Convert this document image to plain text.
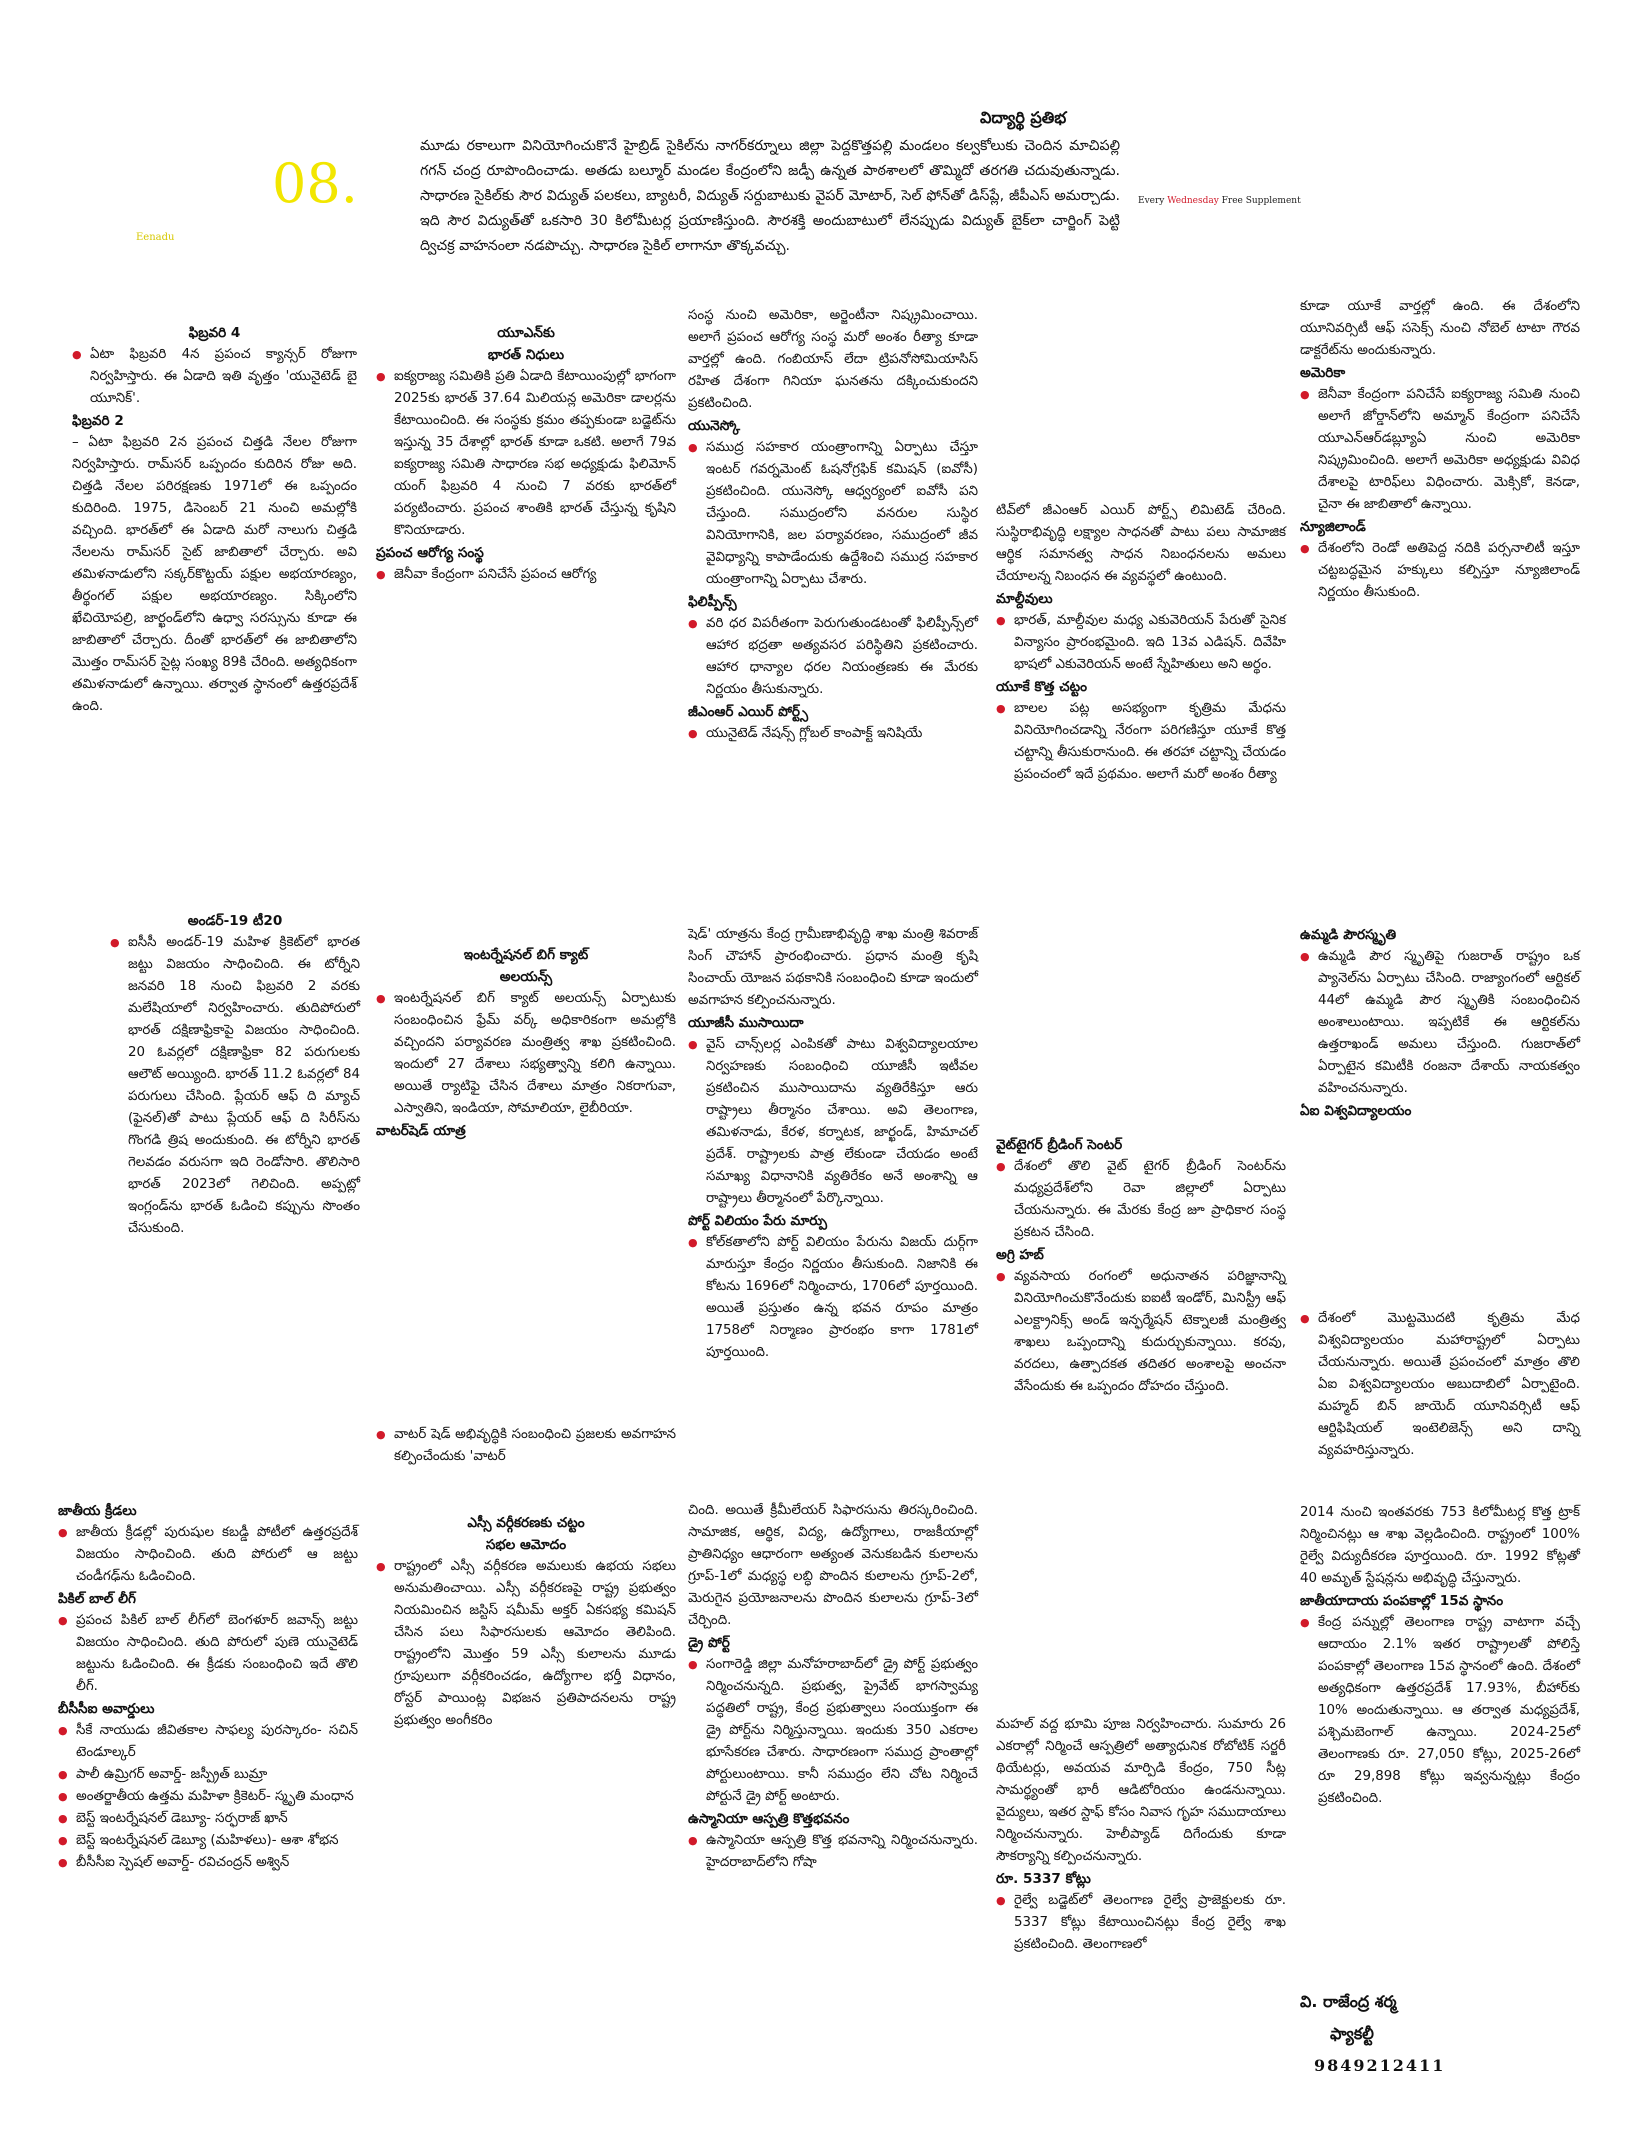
08.
Eenadu
విద్యార్థి ప్రతిభ
మూడు రకాలుగా వినియోగించుకొనే హైబ్రిడ్ సైకిల్‌ను నాగర్‌కర్నూలు జిల్లా పెద్దకొత్తపల్లి మండలం కల్వకోలుకు చెందిన మాచిపల్లి గగన్ చంద్ర రూపొందించాడు. అతడు బల్మూర్ మండల కేంద్రంలోని జడ్పీ ఉన్నత పాఠశాలలో తొమ్మిదో తరగతి చదువుతున్నాడు. సాధారణ సైకిల్‌కు సౌర విద్యుత్ పలకలు, బ్యాటరీ, విద్యుత్ సర్దుబాటుకు వైపర్ మోటార్, సెల్ ఫోన్‌తో డిస్‌ప్లే, జీపీఎస్ అమర్చాడు. ఇది సౌర విద్యుత్‌తో ఒకసారి 30 కిలోమీటర్ల ప్రయాణిస్తుంది. సౌరశక్తి అందుబాటులో లేనప్పుడు విద్యుత్ బైక్‌లా చార్జింగ్ పెట్టి ద్విచక్ర వాహనంలా నడపొచ్చు. సాధారణ సైకిల్ లాగానూ తొక్కవచ్చు.
Every Wednesday Free Supplement
ఫిబ్రవరి 4

● ఏటా ఫిబ్రవరి 4న ప్రపంచ క్యాన్సర్ రోజుగా నిర్వహిస్తారు. ఈ ఏడాది ఇతి వృత్తం 'యునైటెడ్ బై యూనిక్'.

ఫిబ్రవరి 2

– ఏటా ఫిబ్రవరి 2న ప్రపంచ చిత్తడి నేలల రోజుగా నిర్వహిస్తారు. రామ్‌సర్ ఒప్పందం కుదిరిన రోజు అది. చిత్తడి నేలల పరిరక్షణకు 1971లో ఈ ఒప్పందం కుదిరింది. 1975, డిసెంబర్ 21 నుంచి అమల్లోకి వచ్చింది. భారత్‌లో ఈ ఏడాది మరో నాలుగు చిత్తడి నేలలను రామ్‌సర్ సైట్ జాబితాలో చేర్చారు. అవి తమిళనాడులోని సక్కర్‌కొట్టయ్ పక్షుల అభయారణ్యం, తీర్థంగల్ పక్షుల అభయారణ్యం. సిక్కింలోని ఖేచియోపల్రి, జార్ఖండ్‌లోని ఉధ్వా సరస్సును కూడా ఈ జాబితాలో చేర్చారు. దీంతో భారత్‌లో ఈ జాబితాలోని మొత్తం రామ్‌సర్ సైట్ల సంఖ్య 89కి చేరింది. అత్యధికంగా తమిళనాడులో ఉన్నాయి. తర్వాత స్థానంలో ఉత్తరప్రదేశ్ ఉంది.

యూఎన్‌కు
భారత్ నిధులు

● ఐక్యరాజ్య సమితికి ప్రతి ఏడాది కేటాయింపుల్లో భాగంగా 2025కు భారత్ 37.64 మిలియన్ల అమెరికా డాలర్లను కేటాయించింది. ఈ సంస్థకు క్రమం తప్పకుండా బడ్జెట్‌ను ఇస్తున్న 35 దేశాల్లో భారత్ కూడా ఒకటి. అలాగే 79వ ఐక్యరాజ్య సమితి సాధారణ సభ అధ్యక్షుడు ఫిలిమోన్ యంగ్ ఫిబ్రవరి 4 నుంచి 7 వరకు భారత్‌లో పర్యటించారు. ప్రపంచ శాంతికి భారత్ చేస్తున్న కృషిని కొనియాడారు.

ప్రపంచ ఆరోగ్య సంస్థ

● జెనీవా కేంద్రంగా పనిచేసే ప్రపంచ ఆరోగ్య

సంస్థ నుంచి అమెరికా, అర్జెంటీనా నిష్క్రమించాయి. అలాగే ప్రపంచ ఆరోగ్య సంస్థ మరో అంశం రీత్యా కూడా వార్తల్లో ఉంది. గంబియాస్ లేదా ట్రిపనోసోమియాసిస్ రహిత దేశంగా గినియా ఘనతను దక్కించుకుందని ప్రకటించింది.

యునెస్కో

● సముద్ర సహకార యంత్రాంగాన్ని ఏర్పాటు చేస్తూ ఇంటర్ గవర్నమెంట్ ఓషనోగ్రఫిక్ కమిషన్ (ఐవోసీ) ప్రకటించింది. యునెస్కో ఆధ్వర్యంలో ఐవోసీ పని చేస్తుంది. సముద్రంలోని వనరుల సుస్థిర వినియోగానికి, జల పర్యావరణం, సముద్రంలో జీవ వైవిధ్యాన్ని కాపాడేందుకు ఉద్దేశించి సముద్ర సహకార యంత్రాంగాన్ని ఏర్పాటు చేశారు.

ఫిలిప్పీన్స్

● వరి ధర విపరీతంగా పెరుగుతుండటంతో ఫిలిప్పీన్స్‌లో ఆహార భద్రతా అత్యవసర పరిస్థితిని ప్రకటించారు. ఆహార ధాన్యాల ధరల నియంత్రణకు ఈ మేరకు నిర్ణయం తీసుకున్నారు.

జీఎంఆర్ ఎయిర్ పోర్ట్స్

● యునైటెడ్ నేషన్స్ గ్లోబల్ కాంపాక్ట్ ఇనిషియే

టివ్‌లో జీఎంఆర్ ఎయిర్ పోర్ట్స్ లిమిటెడ్ చేరింది. సుస్థిరాభివృద్ధి లక్ష్యాల సాధనతో పాటు పలు సామాజిక ఆర్థిక సమానత్వ సాధన నిబంధనలను అమలు చేయాలన్న నిబంధన ఈ వ్యవస్థలో ఉంటుంది.

మాల్దీవులు

● భారత్, మాల్దీవుల మధ్య ఎకువెరియన్ పేరుతో సైనిక విన్యాసం ప్రారంభమైంది. ఇది 13వ ఎడిషన్. దివేహి భాషలో ఎకువెరియన్ అంటే స్నేహితులు అని అర్థం.

యూకే కొత్త చట్టం

● బాలల పట్ల అసభ్యంగా కృత్రిమ మేధను వినియోగించడాన్ని నేరంగా పరిగణిస్తూ యూకే కొత్త చట్టాన్ని తీసుకురానుంది. ఈ తరహా చట్టాన్ని చేయడం ప్రపంచంలో ఇదే ప్రథమం. అలాగే మరో అంశం రీత్యా

కూడా యూకే వార్తల్లో ఉంది. ఈ దేశంలోని యూనివర్సిటీ ఆఫ్ ససెక్స్ నుంచి నోబెల్ టాటా గౌరవ డాక్టరేట్‌ను అందుకున్నారు.

అమెరికా

● జెనీవా కేంద్రంగా పనిచేసే ఐక్యరాజ్య సమితి నుంచి అలాగే జోర్డాన్‌లోని అమ్మాన్ కేంద్రంగా పనిచేసే యూఎన్ఆర్‌డబ్ల్యూఏ నుంచి అమెరికా నిష్క్రమించింది. అలాగే అమెరికా అధ్యక్షుడు వివిధ దేశాలపై టారిఫ్‌లు విధించారు. మెక్సికో, కెనడా, చైనా ఈ జాబితాలో ఉన్నాయి.

న్యూజిలాండ్

● దేశంలోని రెండో అతిపెద్ద నదికి పర్సనాలిటీ ఇస్తూ చట్టబద్ధమైన హక్కులు కల్పిస్తూ న్యూజిలాండ్ నిర్ణయం తీసుకుంది.

అండర్-19 టీ20

● ఐసీసీ అండర్-19 మహిళ క్రికెట్‌లో భారత జట్టు విజయం సాధించింది. ఈ టోర్నీని జనవరి 18 నుంచి ఫిబ్రవరి 2 వరకు మలేషియాలో నిర్వహించారు. తుదిపోరులో భారత్ దక్షిణాఫ్రికాపై విజయం సాధించింది. 20 ఓవర్లలో దక్షిణాఫ్రికా 82 పరుగులకు ఆలౌట్ అయ్యింది. భారత్ 11.2 ఓవర్లలో 84 పరుగులు చేసింది. ప్లేయర్ ఆఫ్ ది మ్యాచ్ (ఫైనల్)తో పాటు ప్లేయర్ ఆఫ్ ది సిరీస్‌ను గొంగడి త్రిష అందుకుంది. ఈ టోర్నీని భారత్ గెలవడం వరుసగా ఇది రెండోసారి. తొలిసారి భారత్ 2023లో గెలిచింది. అప్పట్లో ఇంగ్లండ్‌ను భారత్ ఓడించి కప్పును సొంతం చేసుకుంది.

ఇంటర్నేషనల్ బిగ్ క్యాట్
అలయన్స్

● ఇంటర్నేషనల్ బిగ్ క్యాట్ అలయన్స్ ఏర్పాటుకు సంబంధించిన ఫ్రేమ్ వర్క్ అధికారికంగా అమల్లోకి వచ్చిందని పర్యావరణ మంత్రిత్వ శాఖ ప్రకటించింది. ఇందులో 27 దేశాలు సభ్యత్వాన్ని కలిగి ఉన్నాయి. అయితే ర్యాటిఫై చేసిన దేశాలు మాత్రం నికరాగువా, ఎస్వాతిని, ఇండియా, సోమాలియా, లైబీరియా.

వాటర్‌షెడ్ యాత్ర

● వాటర్ షెడ్ అభివృద్ధికి సంబంధించి ప్రజలకు అవగాహన కల్పించేందుకు 'వాటర్

షెడ్' యాత్రను కేంద్ర గ్రామీణాభివృద్ధి శాఖ మంత్రి శివరాజ్ సింగ్ చౌహాన్ ప్రారంభించారు. ప్రధాన మంత్రి కృషి సించాయ్ యోజన పథకానికి సంబంధించి కూడా ఇందులో అవగాహన కల్పించనున్నారు.

యూజీసీ ముసాయిదా

● వైస్ చాన్స్‌లర్ల ఎంపికతో పాటు విశ్వవిద్యాలయాల నిర్వహణకు సంబంధించి యూజీసీ ఇటీవల ప్రకటించిన ముసాయిదాను వ్యతిరేకిస్తూ ఆరు రాష్ట్రాలు తీర్మానం చేశాయి. అవి తెలంగాణ, తమిళనాడు, కేరళ, కర్నాటక, జార్ఖండ్, హిమాచల్ ప్రదేశ్. రాష్ట్రాలకు పాత్ర లేకుండా చేయడం అంటే సమాఖ్య విధానానికి వ్యతిరేకం అనే అంశాన్ని ఆ రాష్ట్రాలు తీర్మానంలో పేర్కొన్నాయి.

పోర్ట్ విలియం పేరు మార్పు

● కోల్‌కతాలోని పోర్ట్ విలియం పేరును విజయ్ దుర్గ్‌గా మారుస్తూ కేంద్రం నిర్ణయం తీసుకుంది. నిజానికి ఈ కోటను 1696లో నిర్మించారు, 1706లో పూర్తయింది. అయితే ప్రస్తుతం ఉన్న భవన రూపం మాత్రం 1758లో నిర్మాణం ప్రారంభం కాగా 1781లో పూర్తయింది.

వైట్‌టైగర్ బ్రీడింగ్ సెంటర్

● దేశంలో తొలి వైట్ టైగర్ బ్రీడింగ్ సెంటర్‌ను మధ్యప్రదేశ్‌లోని రెవా జిల్లాలో ఏర్పాటు చేయనున్నారు. ఈ మేరకు కేంద్ర జూ ప్రాధికార సంస్థ ప్రకటన చేసింది.

అగ్రి హబ్

● వ్యవసాయ రంగంలో అధునాతన పరిజ్ఞానాన్ని వినియోగించుకొనేందుకు ఐఐటీ ఇండోర్, మినిస్ట్రీ ఆఫ్ ఎలక్ట్రానిక్స్ అండ్ ఇన్ఫర్మేషన్ టెక్నాలజీ మంత్రిత్వ శాఖలు ఒప్పందాన్ని కుదుర్చుకున్నాయి. కరవు, వరదలు, ఉత్పాదకత తదితర అంశాలపై అంచనా వేసేందుకు ఈ ఒప్పందం దోహదం చేస్తుంది.

ఉమ్మడి పౌరస్మృతి

● ఉమ్మడి పౌర స్మృతిపై గుజరాత్ రాష్ట్రం ఒక ప్యానెల్‌ను ఏర్పాటు చేసింది. రాజ్యాంగంలో ఆర్టికల్ 44లో ఉమ్మడి పౌర స్మృతికి సంబంధించిన అంశాలుంటాయి. ఇప్పటికే ఈ ఆర్టికల్‌ను ఉత్తరాఖండ్ అమలు చేస్తుంది. గుజరాత్‌లో ఏర్పాటైన కమిటీకి రంజనా దేశాయ్ నాయకత్వం వహించనున్నారు.

ఏఐ విశ్వవిద్యాలయం

● దేశంలో మొట్టమొదటి కృత్రిమ మేధ విశ్వవిద్యాలయం మహారాష్ట్రలో ఏర్పాటు చేయనున్నారు. అయితే ప్రపంచంలో మాత్రం తొలి ఏఐ విశ్వవిద్యాలయం అబుదాబిలో ఏర్పాటైంది. మహ్మద్ బిన్ జాయెద్ యూనివర్సిటీ ఆఫ్ ఆర్టిఫిషియల్ ఇంటెలిజెన్స్ అని దాన్ని వ్యవహరిస్తున్నారు.

జాతీయ క్రీడలు

● జాతీయ క్రీడల్లో పురుషుల కబడ్డీ పోటీలో ఉత్తరప్రదేశ్ విజయం సాధించింది. తుది పోరులో ఆ జట్టు చండీగఢ్‌ను ఓడించింది.

పికిల్ బాల్ లీగ్

● ప్రపంచ పికిల్ బాల్ లీగ్‌లో బెంగళూర్ జవాన్స్ జట్టు విజయం సాధించింది. తుది పోరులో పుణె యునైటెడ్ జట్టును ఓడించింది. ఈ క్రీడకు సంబంధించి ఇదే తొలి లీగ్.

బీసీసీఐ అవార్డులు

● సీకే నాయుడు జీవితకాల సాఫల్య పురస్కారం- సచిన్ టెండూల్కర్

● పాలీ ఉమ్రిగర్ అవార్డ్- జస్ప్రీత్ బుమ్రా

● అంతర్జాతీయ ఉత్తమ మహిళా క్రికెటర్- స్మృతి మంధాన

● బెస్ట్ ఇంటర్నేషనల్ డెబ్యూ- సర్ఫరాజ్ ఖాన్

● బెస్ట్ ఇంటర్నేషనల్ డెబ్యూ (మహిళలు)- ఆశా శోభన

● బీసీసీఐ స్పెషల్ అవార్డ్- రవిచంద్రన్ అశ్విన్

ఎస్సీ వర్గీకరణకు చట్టం
సభల ఆమోదం

● రాష్ట్రంలో ఎస్సీ వర్గీకరణ అమలుకు ఉభయ సభలు అనుమతించాయి. ఎస్సీ వర్గీకరణపై రాష్ట్ర ప్రభుత్వం నియమించిన జస్టిస్ షమీమ్ అక్తర్ ఏకసభ్య కమిషన్ చేసిన పలు సిఫారసులకు ఆమోదం తెలిపింది. రాష్ట్రంలోని మొత్తం 59 ఎస్సీ కులాలను మూడు గ్రూపులుగా వర్గీకరించడం, ఉద్యోగాల భర్తీ విధానం, రోస్టర్ పాయింట్ల విభజన ప్రతిపాదనలను రాష్ట్ర ప్రభుత్వం అంగీకరిం

చింది. అయితే క్రీమీలేయర్ సిఫారసును తిరస్కరించింది. సామాజిక, ఆర్థిక, విద్య, ఉద్యోగాలు, రాజకీయాల్లో ప్రాతినిధ్యం ఆధారంగా అత్యంత వెనుకబడిన కులాలను గ్రూప్-1లో మధ్యస్థ లబ్ధి పొందిన కులాలను గ్రూప్-2లో, మెరుగైన ప్రయోజనాలను పొందిన కులాలను గ్రూప్-3లో చేర్చింది.

డ్రై పోర్ట్

● సంగారెడ్డి జిల్లా మనోహరాబాద్‌లో డ్రై పోర్ట్ ప్రభుత్వం నిర్మించనున్నది. ప్రభుత్వ, ప్రైవేట్ భాగస్వామ్య పద్ధతిలో రాష్ట్ర, కేంద్ర ప్రభుత్వాలు సంయుక్తంగా ఈ డ్రై పోర్ట్‌ను నిర్మిస్తున్నాయి. ఇందుకు 350 ఎకరాల భూసేకరణ చేశారు. సాధారణంగా సముద్ర ప్రాంతాల్లో పోర్టులుంటాయి. కానీ సముద్రం లేని చోట నిర్మించే పోర్టునే డ్రై పోర్ట్ అంటారు.

ఉస్మానియా ఆస్పత్రి కొత్తభవనం

● ఉస్మానియా ఆస్పత్రి కొత్త భవనాన్ని నిర్మించనున్నారు. హైదరాబాద్‌లోని గోషా

మహల్ వద్ద భూమి పూజ నిర్వహించారు. సుమారు 26 ఎకరాల్లో నిర్మించే ఆస్పత్రిలో అత్యాధునిక రోబోటిక్ సర్జరీ థియేటర్లు, అవయవ మార్పిడి కేంద్రం, 750 సీట్ల సామర్థ్యంతో భారీ ఆడిటోరియం ఉండనున్నాయి. వైద్యులు, ఇతర స్టాఫ్ కోసం నివాస గృహ సముదాయాలు నిర్మించనున్నారు. హెలీప్యాడ్ దిగేందుకు కూడా సౌకర్యాన్ని కల్పించనున్నారు.

రూ. 5337 కోట్లు

● రైల్వే బడ్జెట్‌లో తెలంగాణ రైల్వే ప్రాజెక్టులకు రూ. 5337 కోట్లు కేటాయించినట్లు కేంద్ర రైల్వే శాఖ ప్రకటించింది. తెలంగాణలో

2014 నుంచి ఇంతవరకు 753 కిలోమీటర్ల కొత్త ట్రాక్ నిర్మించినట్లు ఆ శాఖ వెల్లడించింది. రాష్ట్రంలో 100% రైల్వే విద్యుదీకరణ పూర్తయింది. రూ. 1992 కోట్లతో 40 అమృత్ స్టేషన్లను అభివృద్ధి చేస్తున్నారు.

జాతీయాదాయ పంపకాల్లో 15వ స్థానం

● కేంద్ర పన్నుల్లో తెలంగాణ రాష్ట్ర వాటాగా వచ్చే ఆదాయం 2.1% ఇతర రాష్ట్రాలతో పోలిస్తే పంపకాల్లో తెలంగాణ 15వ స్థానంలో ఉంది. దేశంలో అత్యధికంగా ఉత్తరప్రదేశ్ 17.93%, బీహార్‌కు 10% అందుతున్నాయి. ఆ తర్వాత మధ్యప్రదేశ్, పశ్చిమబెంగాల్ ఉన్నాయి. 2024-25లో తెలంగాణకు రూ. 27,050 కోట్లు, 2025-26లో రూ 29,898 కోట్లు ఇవ్వనున్నట్లు కేంద్రం ప్రకటించింది.

వి. రాజేంద్ర శర్మ
ఫ్యాకల్టీ
9849212411
